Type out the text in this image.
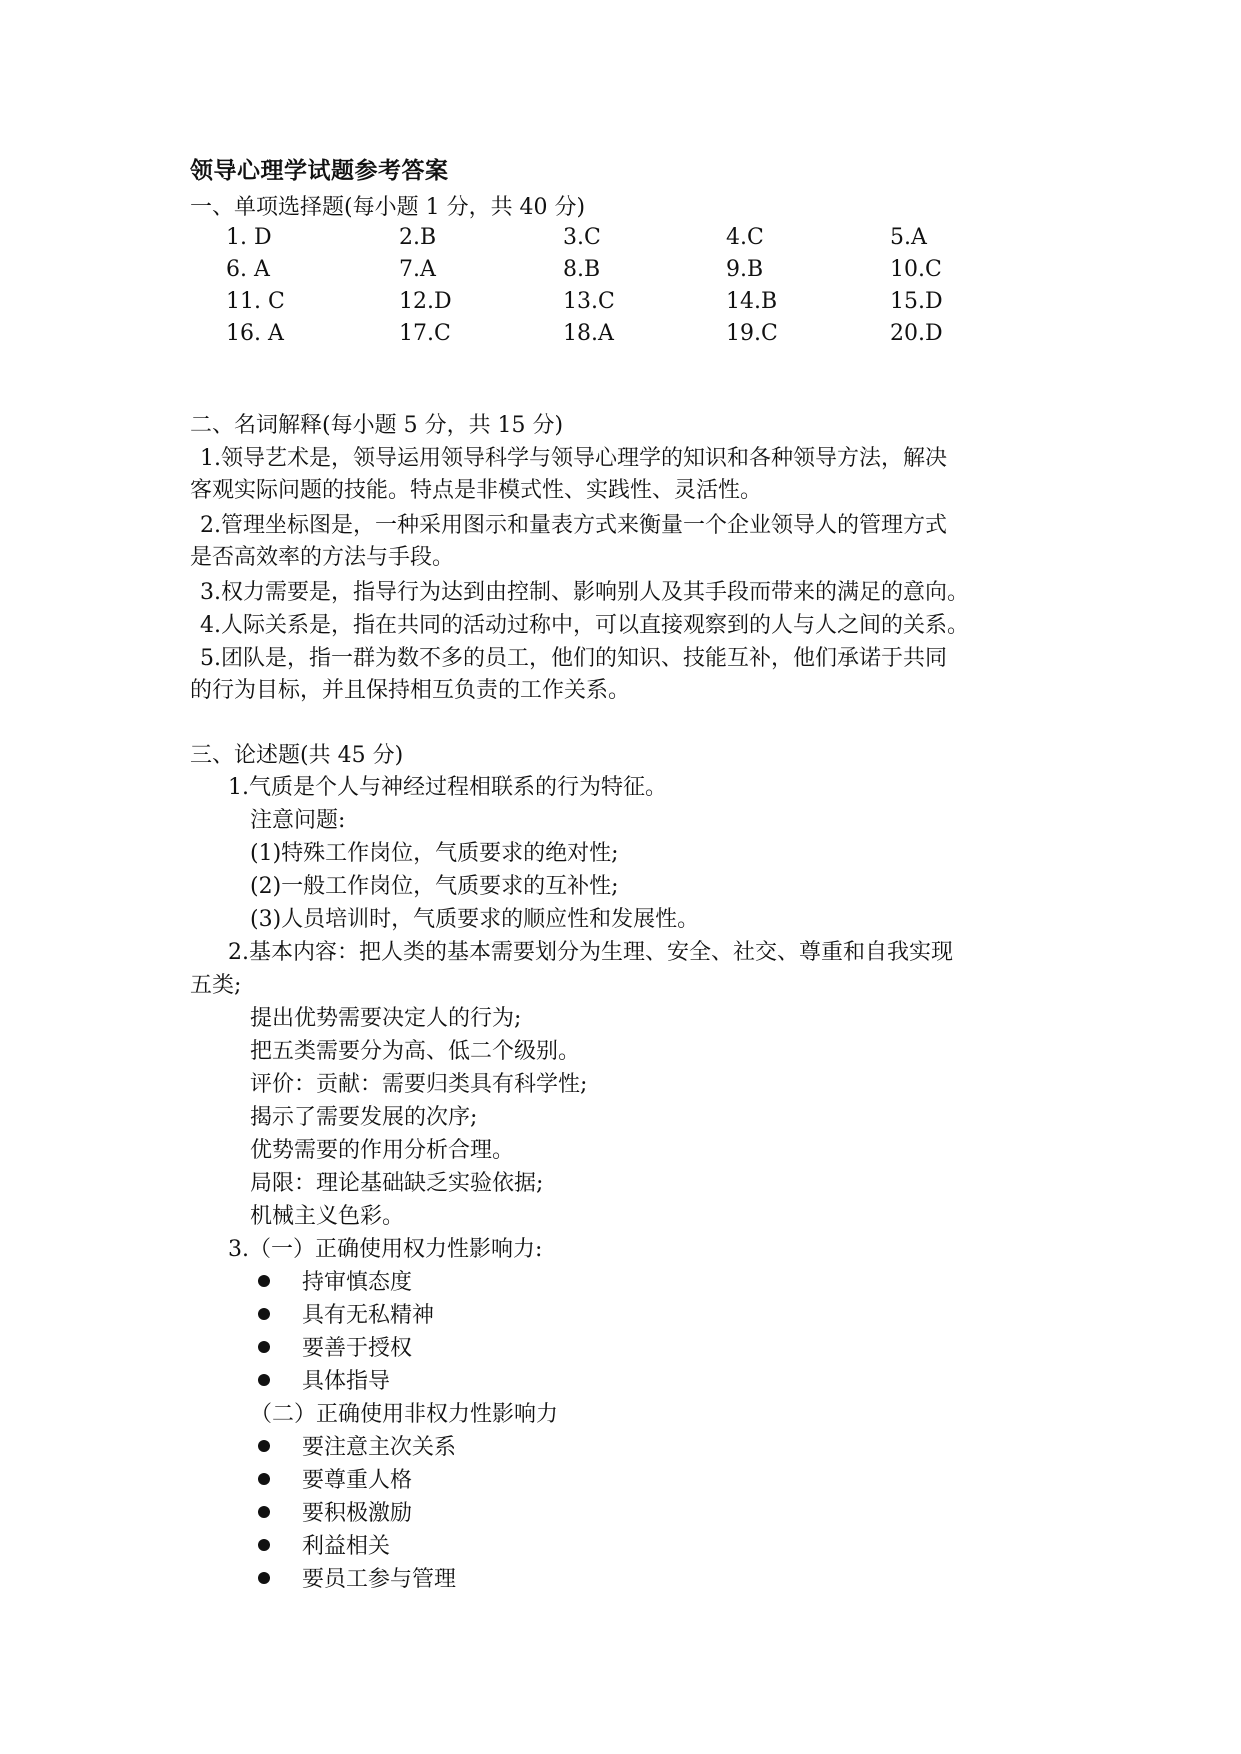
领导心理学试题参考答案
一、单项选择题(每小题 1 分，共 40 分)
1. D	2.B	3.C	4.C	5.A
6. A	7.A	8.B	9.B	10.C
11. C	12.D	13.C	14.B	15.D
16. A	17.C	18.A	19.C	20.D
二、名词解释(每小题 5 分，共 15 分)
1.领导艺术是，领导运用领导科学与领导心理学的知识和各种领导方法，解决
客观实际问题的技能。特点是非模式性、实践性、灵活性。
2.管理坐标图是，一种采用图示和量表方式来衡量一个企业领导人的管理方式
是否高效率的方法与手段。
3.权力需要是，指导行为达到由控制、影响别人及其手段而带来的满足的意向。
4.人际关系是，指在共同的活动过称中，可以直接观察到的人与人之间的关系。
5.团队是，指一群为数不多的员工，他们的知识、技能互补，他们承诺于共同
的行为目标，并且保持相互负责的工作关系。
三、论述题(共 45 分)
1.气质是个人与神经过程相联系的行为特征。
注意问题:
(1)特殊工作岗位，气质要求的绝对性;
(2)一般工作岗位，气质要求的互补性;
(3)人员培训时，气质要求的顺应性和发展性。
2.基本内容：把人类的基本需要划分为生理、安全、社交、尊重和自我实现
五类;
提出优势需要决定人的行为;
把五类需要分为高、低二个级别。
评价：贡献：需要归类具有科学性;
揭示了需要发展的次序;
优势需要的作用分析合理。
局限：理论基础缺乏实验依据;
机械主义色彩。
3.（一）正确使用权力性影响力:
持审慎态度
具有无私精神
要善于授权
具体指导
（二）正确使用非权力性影响力
要注意主次关系
要尊重人格
要积极激励
利益相关
要员工参与管理
